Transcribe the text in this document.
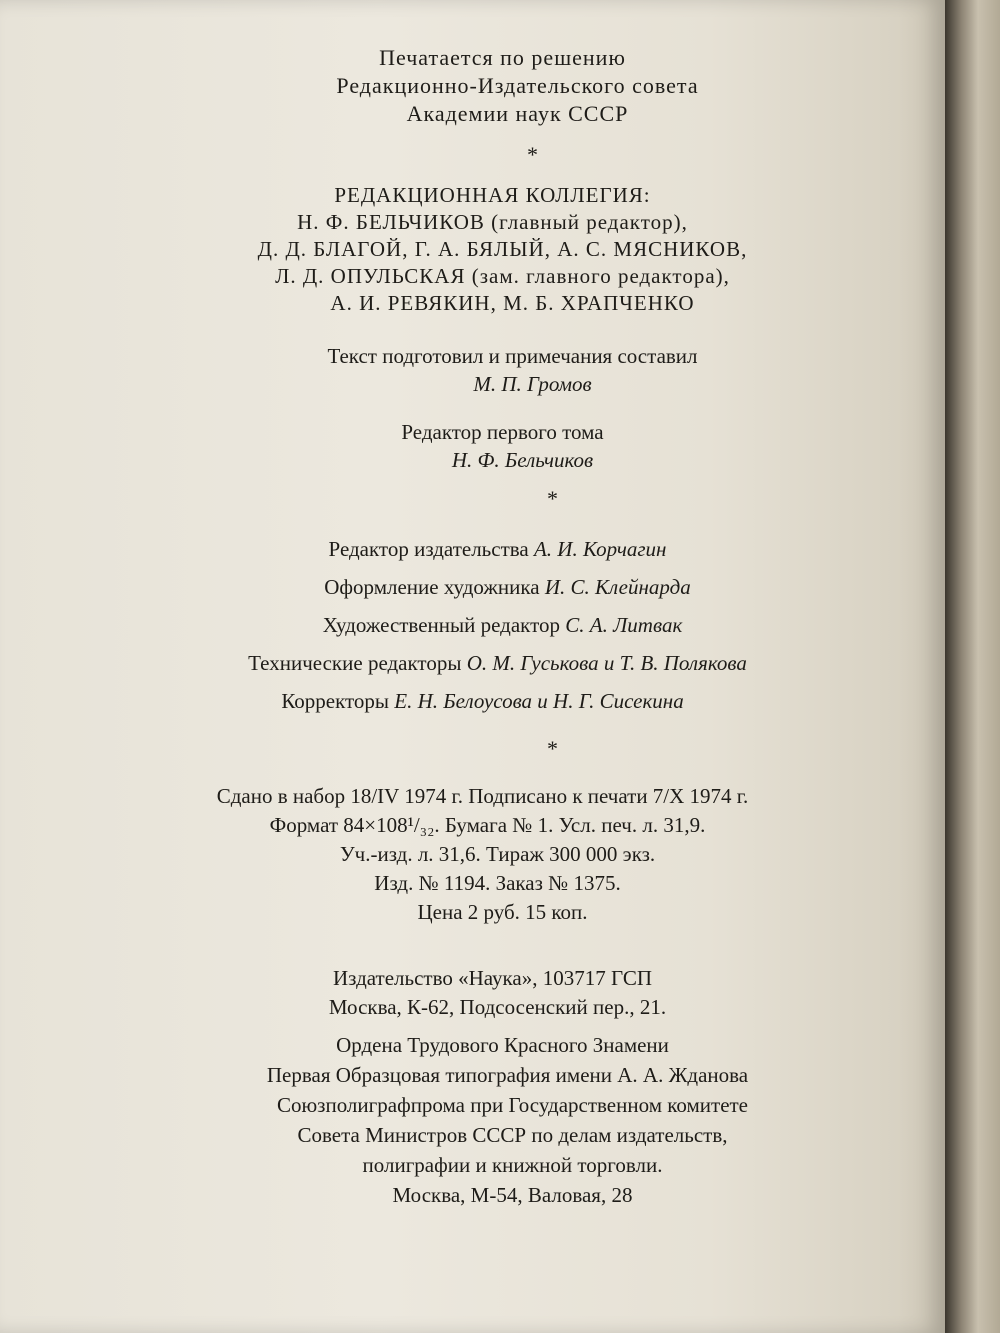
Печатается по решению
Редакционно-Издательского совета
Академии наук СССР
*
РЕДАКЦИОННАЯ КОЛЛЕГИЯ:
Н. Ф. БЕЛЬЧИКОВ (главный редактор),
Д. Д. БЛАГОЙ, Г. А. БЯЛЫЙ, А. С. МЯСНИКОВ,
Л. Д. ОПУЛЬСКАЯ (зам. главного редактора),
А. И. РЕВЯКИН, М. Б. ХРАПЧЕНКО
Текст подготовил и примечания составил
М. П. Громов
Редактор первого тома
Н. Ф. Бельчиков
*
Редактор издательства А. И. Корчагин
Оформление художника И. С. Клейнарда
Художественный редактор С. А. Литвак
Технические редакторы О. М. Гуськова и Т. В. Полякова
Корректоры Е. Н. Белоусова и Н. Г. Сисекина
*
Сдано в набор 18/IV 1974 г. Подписано к печати 7/X 1974 г.
Формат 84×108¹/₃₂. Бумага № 1. Усл. печ. л. 31,9.
Уч.-изд. л. 31,6. Тираж 300 000 экз.
Изд. № 1194. Заказ № 1375.
Цена 2 руб. 15 коп.
Издательство «Наука», 103717 ГСП
Москва, К-62, Подсосенский пер., 21.
Ордена Трудового Красного Знамени
Первая Образцовая типография имени А. А. Жданова
Союзполиграфпрома при Государственном комитете
Совета Министров СССР по делам издательств,
полиграфии и книжной торговли.
Москва, М-54, Валовая, 28
